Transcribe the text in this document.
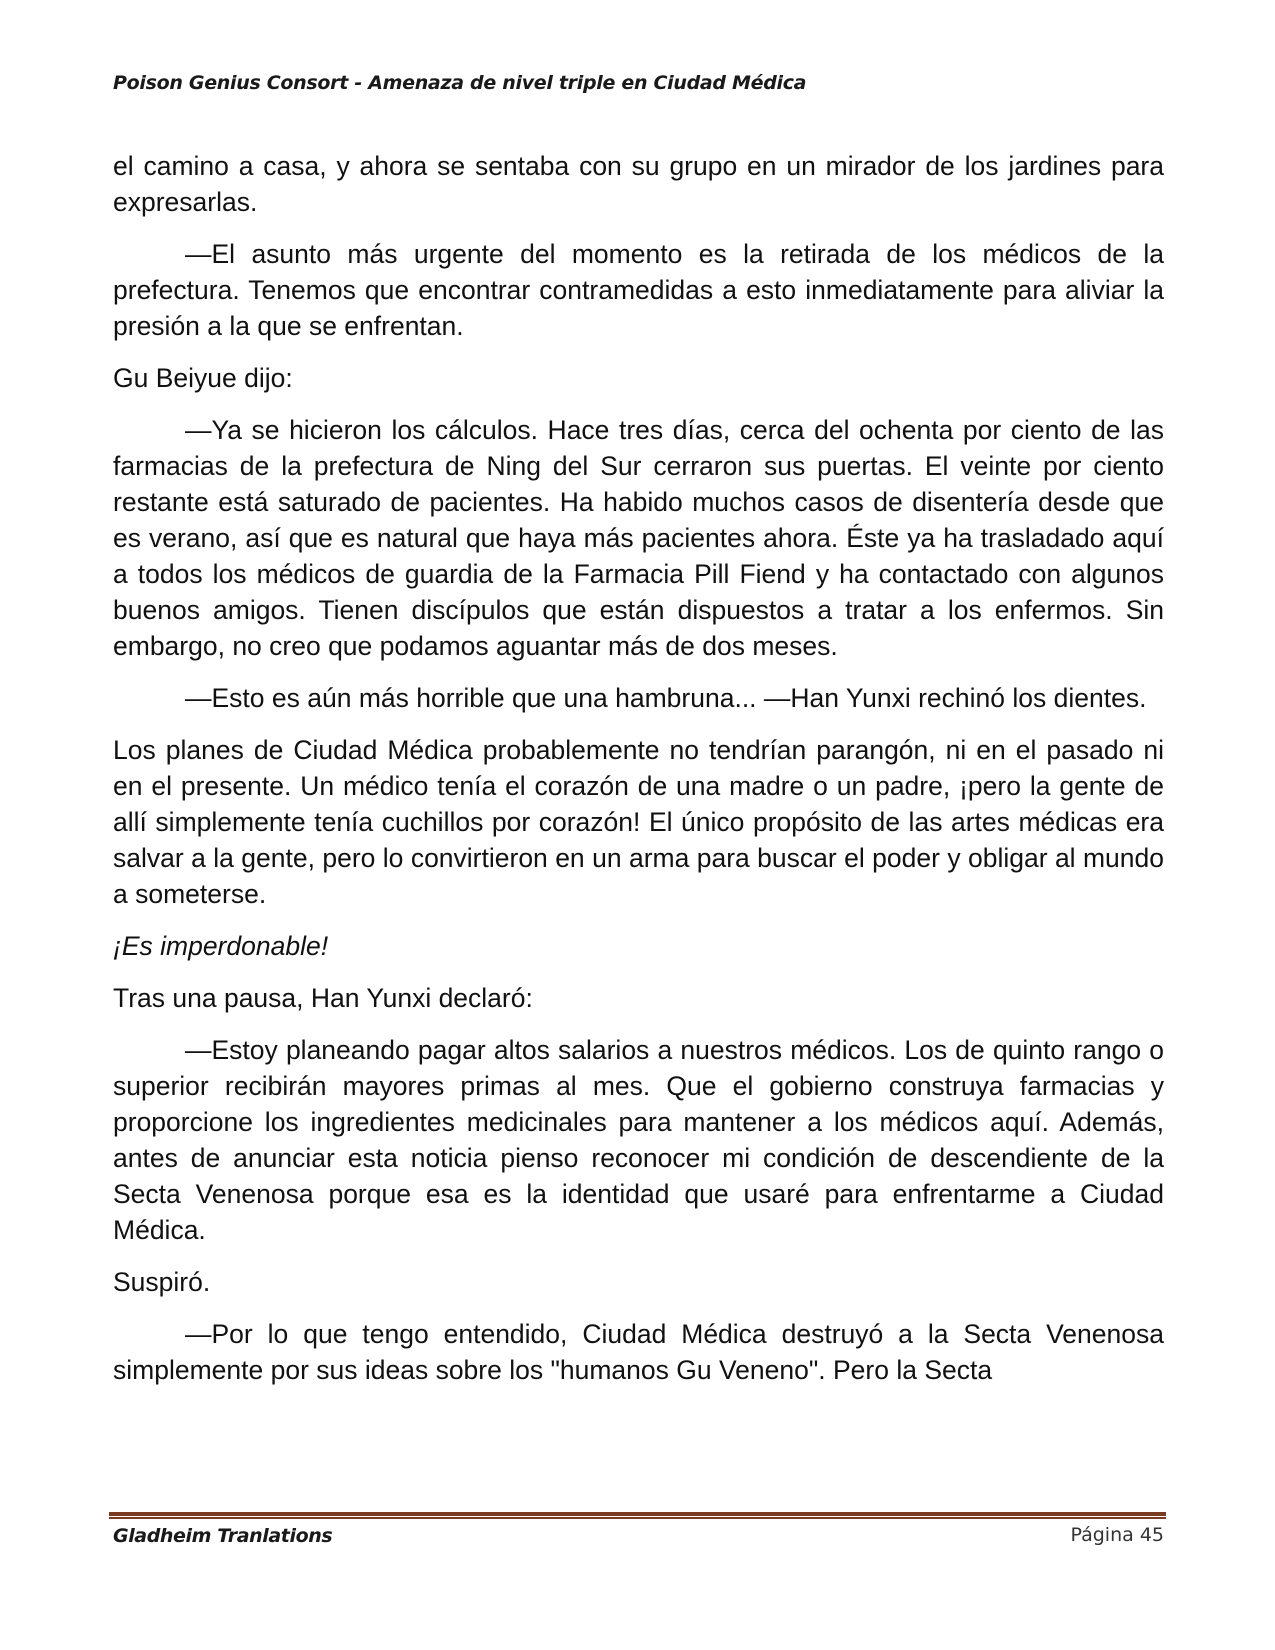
Poison Genius Consort - Amenaza de nivel triple en Ciudad Médica

el camino a casa, y ahora se sentaba con su grupo en un mirador de los jardines para expresarlas.

—El asunto más urgente del momento es la retirada de los médicos de la prefectura. Tenemos que encontrar contramedidas a esto inmediatamente para aliviar la presión a la que se enfrentan.

Gu Beiyue dijo:

—Ya se hicieron los cálculos. Hace tres días, cerca del ochenta por ciento de las farmacias de la prefectura de Ning del Sur cerraron sus puertas. El veinte por ciento restante está saturado de pacientes. Ha habido muchos casos de disentería desde que es verano, así que es natural que haya más pacientes ahora. Éste ya ha trasladado aquí a todos los médicos de guardia de la Farmacia Pill Fiend y ha contactado con algunos buenos amigos. Tienen discípulos que están dispuestos a tratar a los enfermos. Sin embargo, no creo que podamos aguantar más de dos meses.

—Esto es aún más horrible que una hambruna... —Han Yunxi rechinó los dientes.

Los planes de Ciudad Médica probablemente no tendrían parangón, ni en el pasado ni en el presente. Un médico tenía el corazón de una madre o un padre, ¡pero la gente de allí simplemente tenía cuchillos por corazón! El único propósito de las artes médicas era salvar a la gente, pero lo convirtieron en un arma para buscar el poder y obligar al mundo a someterse.

¡Es imperdonable!

Tras una pausa, Han Yunxi declaró:

—Estoy planeando pagar altos salarios a nuestros médicos. Los de quinto rango o superior recibirán mayores primas al mes. Que el gobierno construya farmacias y proporcione los ingredientes medicinales para mantener a los médicos aquí. Además, antes de anunciar esta noticia pienso reconocer mi condición de descendiente de la Secta Venenosa porque esa es la identidad que usaré para enfrentarme a Ciudad Médica.

Suspiró.

—Por lo que tengo entendido, Ciudad Médica destruyó a la Secta Venenosa simplemente por sus ideas sobre los "humanos Gu Veneno". Pero la Secta

Gladheim Tranlations	Página 45
